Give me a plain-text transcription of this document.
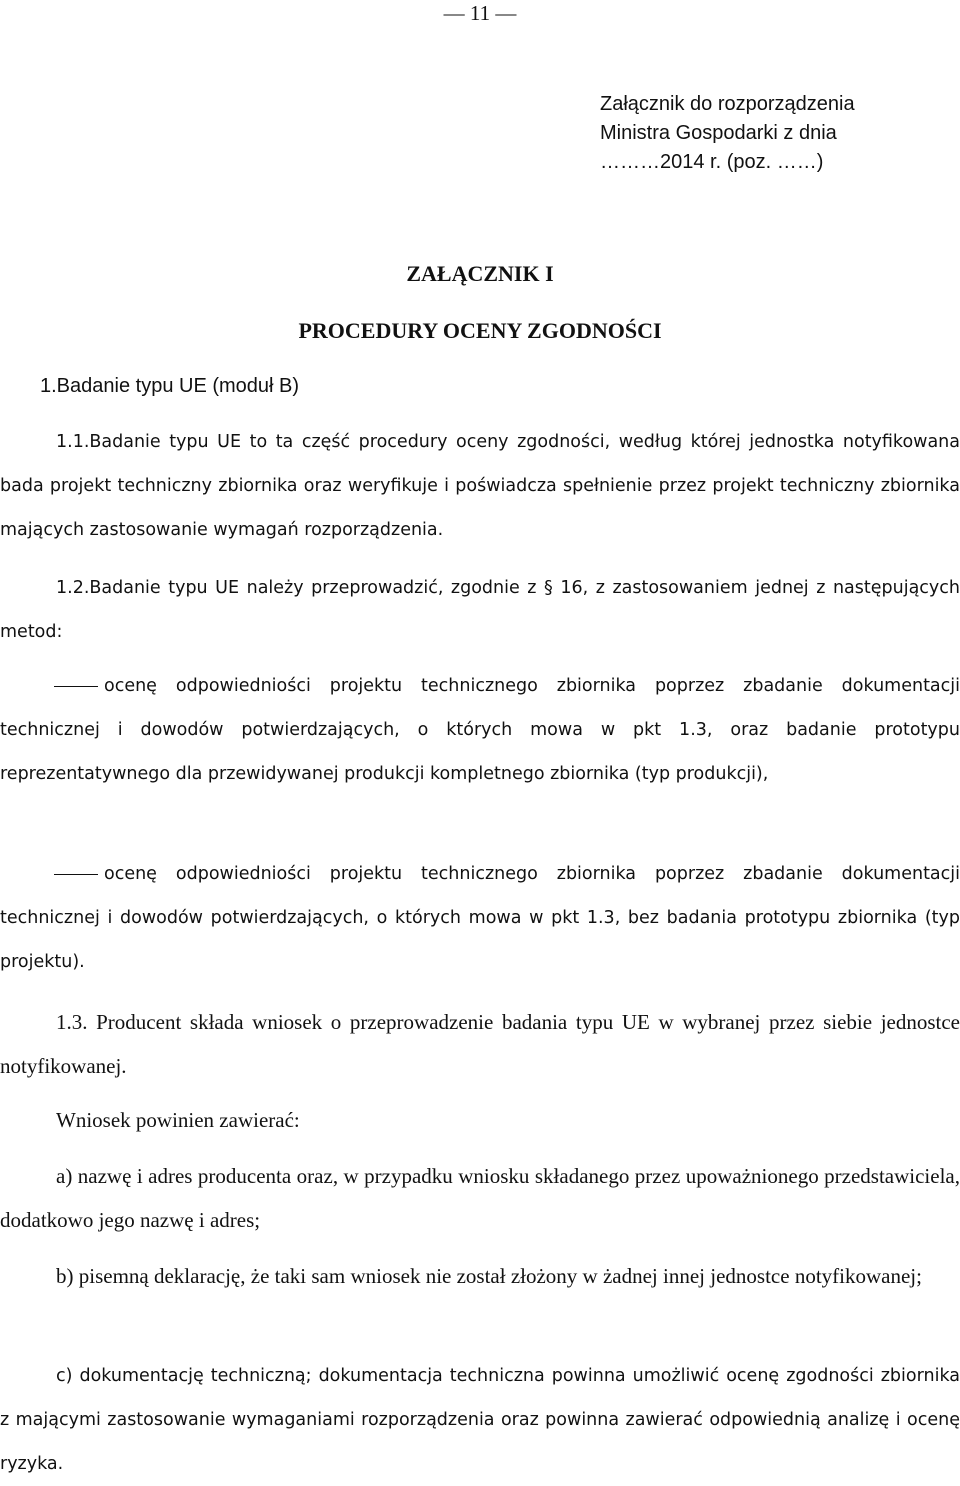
— 11 —
Załącznik do rozporządzenia
Ministra Gospodarki z dnia
………2014 r. (poz. ……)
ZAŁĄCZNIK I
PROCEDURY OCENY ZGODNOŚCI
1.Badanie typu UE (moduł B)

1.1.Badanie typu UE to ta część procedury oceny zgodności, według której jednostka notyfikowana bada projekt techniczny zbiornika oraz weryfikuje i poświadcza spełnienie przez projekt techniczny zbiornika mających zastosowanie wymagań rozporządzenia.

1.2.Badanie typu UE należy przeprowadzić, zgodnie z § 16, z zastosowaniem jednej z następujących metod:

ocenę odpowiedniości projektu technicznego zbiornika poprzez zbadanie dokumentacji technicznej i dowodów potwierdzających, o których mowa w pkt 1.3, oraz badanie prototypu reprezentatywnego dla przewidywanej produkcji kompletnego zbiornika (typ produkcji),

ocenę odpowiedniości projektu technicznego zbiornika poprzez zbadanie dokumentacji technicznej i dowodów potwierdzających, o których mowa w pkt 1.3, bez badania prototypu zbiornika (typ projektu).

1.3. Producent składa wniosek o przeprowadzenie badania typu UE w wybranej przez siebie jednostce notyfikowanej.

Wniosek powinien zawierać:

a) nazwę i adres producenta oraz, w przypadku wniosku składanego przez upoważnionego przedstawiciela, dodatkowo jego nazwę i adres;

b) pisemną deklarację, że taki sam wniosek nie został złożony w żadnej innej jednostce notyfikowanej;

c) dokumentację techniczną; dokumentacja techniczna powinna umożliwić ocenę zgodności zbiornika z mającymi zastosowanie wymaganiami rozporządzenia oraz powinna zawierać odpowiednią analizę i ocenę ryzyka.
